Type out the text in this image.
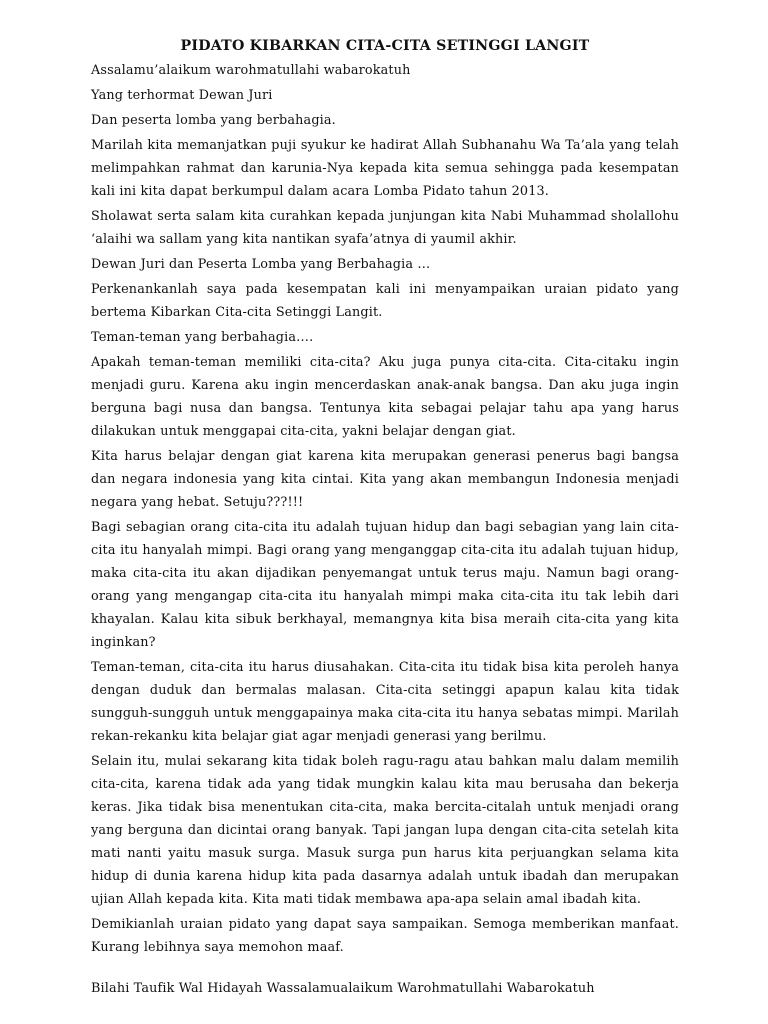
PIDATO KIBARKAN CITA-CITA SETINGGI LANGIT

Assalamu’alaikum warohmatullahi wabarokatuh

Yang terhormat Dewan Juri

Dan peserta lomba yang berbahagia.

Marilah kita memanjatkan puji syukur ke hadirat Allah Subhanahu Wa Ta’ala yang telah melimpahkan rahmat dan karunia-Nya kepada kita semua sehingga pada kesempatan kali ini kita dapat berkumpul dalam acara Lomba Pidato tahun 2013.

Sholawat serta salam kita curahkan kepada junjungan kita Nabi Muhammad sholallohu ‘alaihi wa sallam yang kita nantikan syafa’atnya di yaumil akhir.

Dewan Juri dan Peserta Lomba yang Berbahagia …

Perkenankanlah saya pada kesempatan kali ini menyampaikan uraian pidato yang bertema Kibarkan Cita-cita Setinggi Langit.

Teman-teman yang berbahagia….

Apakah teman-teman memiliki cita-cita? Aku juga punya cita-cita. Cita-citaku ingin menjadi guru. Karena aku ingin mencerdaskan anak-anak bangsa. Dan aku juga ingin berguna bagi nusa dan bangsa. Tentunya kita sebagai pelajar tahu apa yang harus dilakukan untuk menggapai cita-cita, yakni belajar dengan giat.

Kita harus belajar dengan giat karena kita merupakan generasi penerus bagi bangsa dan negara indonesia yang kita cintai. Kita yang akan membangun Indonesia menjadi negara yang hebat. Setuju???!!!

Bagi sebagian orang cita-cita itu adalah tujuan hidup dan bagi sebagian yang lain cita-cita itu hanyalah mimpi. Bagi orang yang menganggap cita-cita itu adalah tujuan hidup, maka cita-cita itu akan dijadikan penyemangat untuk terus maju. Namun bagi orang-orang yang mengangap cita-cita itu hanyalah mimpi maka cita-cita itu tak lebih dari khayalan. Kalau kita sibuk berkhayal, memangnya kita bisa meraih cita-cita yang kita inginkan?

Teman-teman, cita-cita itu harus diusahakan. Cita-cita itu tidak bisa kita peroleh hanya dengan duduk dan bermalas malasan. Cita-cita setinggi apapun kalau kita tidak sungguh-sungguh untuk menggapainya maka cita-cita itu hanya sebatas mimpi. Marilah rekan-rekanku kita belajar giat agar menjadi generasi yang berilmu.

Selain itu, mulai sekarang kita tidak boleh ragu-ragu atau bahkan malu dalam memilih cita-cita, karena tidak ada yang tidak mungkin kalau kita mau berusaha dan bekerja keras. Jika tidak bisa menentukan cita-cita, maka bercita-citalah untuk menjadi orang yang berguna dan dicintai orang banyak. Tapi jangan lupa dengan cita-cita setelah kita mati nanti yaitu masuk surga. Masuk surga pun harus kita perjuangkan selama kita hidup di dunia karena hidup kita pada dasarnya adalah untuk ibadah dan merupakan ujian Allah kepada kita. Kita mati tidak membawa apa-apa selain amal ibadah kita.

Demikianlah uraian pidato yang dapat saya sampaikan. Semoga memberikan manfaat. Kurang lebihnya saya memohon maaf.

Bilahi Taufik Wal Hidayah Wassalamualaikum Warohmatullahi Wabarokatuh
